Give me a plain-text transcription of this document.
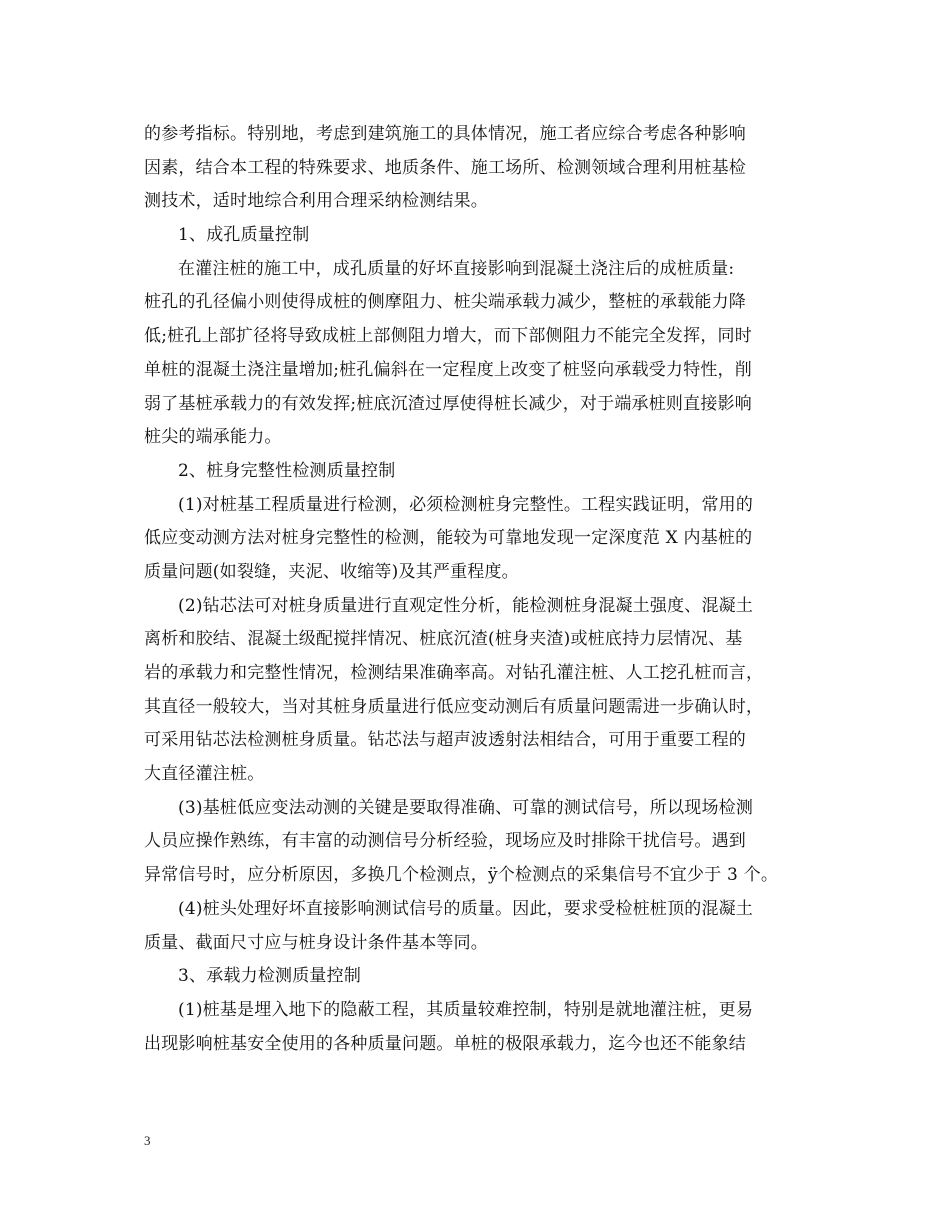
的参考指标。特别地，考虑到建筑施工的具体情况，施工者应综合考虑各种影响
因素，结合本工程的特殊要求、地质条件、施工场所、检测领域合理利用桩基检
测技术，适时地综合利用合理采纳检测结果。
1、成孔质量控制
在灌注桩的施工中，成孔质量的好坏直接影响到混凝土浇注后的成桩质量:
桩孔的孔径偏小则使得成桩的侧摩阻力、桩尖端承载力减少，整桩的承载能力降
低;桩孔上部扩径将导致成桩上部侧阻力增大，而下部侧阻力不能完全发挥，同时
单桩的混凝土浇注量增加;桩孔偏斜在一定程度上改变了桩竖向承载受力特性，削
弱了基桩承载力的有效发挥;桩底沉渣过厚使得桩长减少，对于端承桩则直接影响
桩尖的端承能力。
2、桩身完整性检测质量控制
(1)对桩基工程质量进行检测，必须检测桩身完整性。工程实践证明，常用的
低应变动测方法对桩身完整性的检测，能较为可靠地发现一定深度范 X 内基桩的
质量问题(如裂缝，夹泥、收缩等)及其严重程度。
(2)钻芯法可对桩身质量进行直观定性分析，能检测桩身混凝土强度、混凝土
离析和胶结、混凝土级配搅拌情况、桩底沉渣(桩身夹渣)或桩底持力层情况、基
岩的承载力和完整性情况，检测结果准确率高。对钻孔灌注桩、人工挖孔桩而言，
其直径一般较大，当对其桩身质量进行低应变动测后有质量问题需进一步确认时，
可采用钻芯法检测桩身质量。钻芯法与超声波透射法相结合，可用于重要工程的
大直径灌注桩。
(3)基桩低应变法动测的关键是要取得准确、可靠的测试信号，所以现场检测
人员应操作熟练，有丰富的动测信号分析经验，现场应及时排除干扰信号。遇到
异常信号时，应分析原因，多换几个检测点，ÿ个检测点的采集信号不宜少于 3 个。
(4)桩头处理好坏直接影响测试信号的质量。因此，要求受检桩桩顶的混凝土
质量、截面尺寸应与桩身设计条件基本等同。
3、承载力检测质量控制
(1)桩基是埋入地下的隐蔽工程，其质量较难控制，特别是就地灌注桩，更易
出现影响桩基安全使用的各种质量问题。单桩的极限承载力，迄今也还不能象结
3
